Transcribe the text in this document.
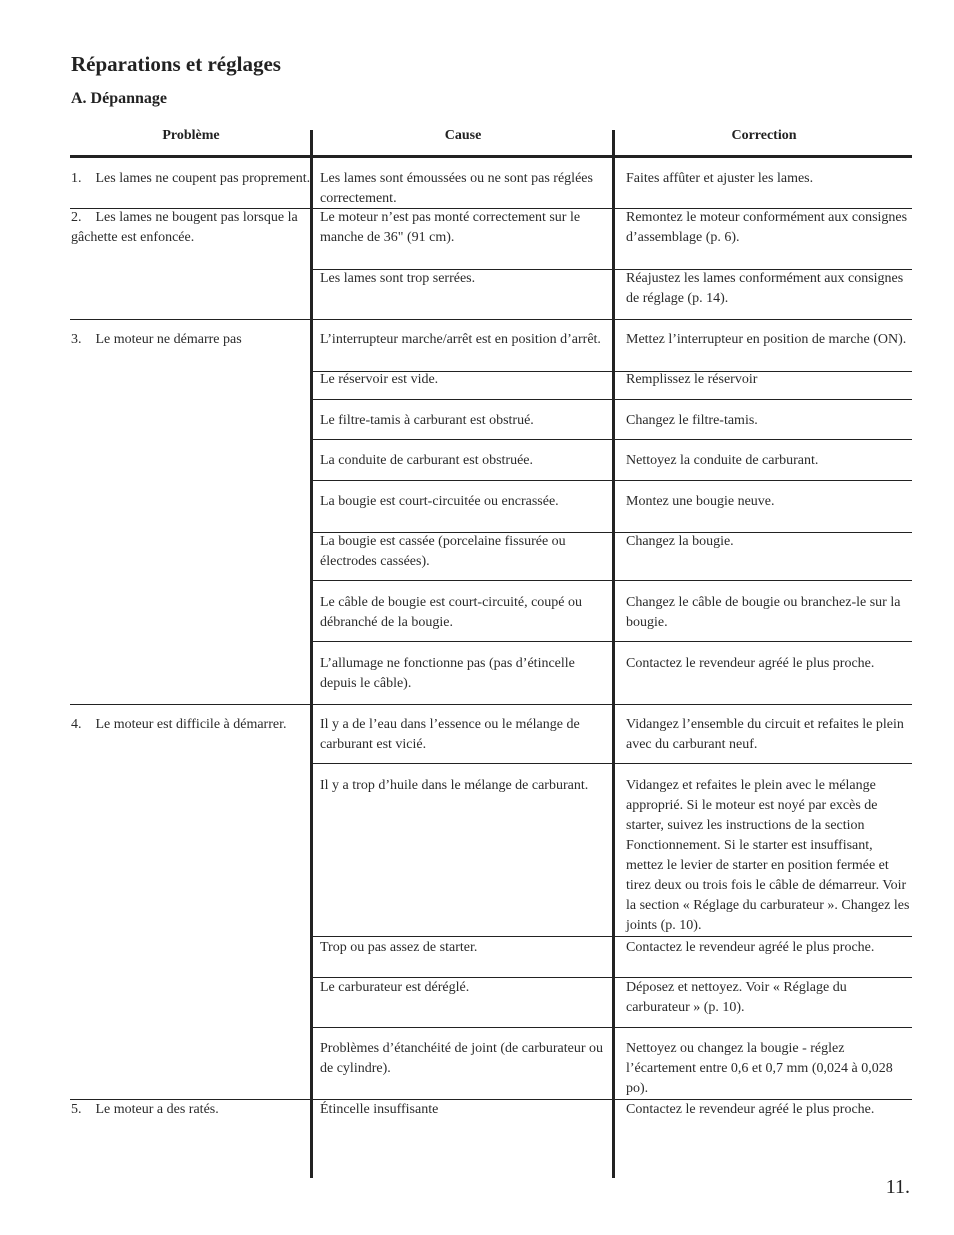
Réparations et réglages
A. Dépannage
Problème	Cause	Correction
1. Les lames ne coupent pas proprement.
2. Les lames ne bougent pas lorsque la gâchette est enfoncée.
3. Le moteur ne démarre pas
4. Le moteur est difficile à démarrer.
5. Le moteur a des ratés.
Les lames sont émoussées ou ne sont pas réglées correctement.
Le moteur n’est pas monté correctement sur le manche de 36" (91 cm).
Les lames sont trop serrées.
L’interrupteur marche/arrêt est en position d’arrêt.
Le réservoir est vide.
Le filtre-tamis à carburant est obstrué.
La conduite de carburant est obstruée.
La bougie est court-circuitée ou encrassée.
La bougie est cassée (porcelaine fissurée ou électrodes cassées).
Le câble de bougie est court-circuité, coupé ou débranché de la bougie.
L’allumage ne fonctionne pas (pas d’étincelle depuis le câble).
Il y a de l’eau dans l’essence ou le mélange de carburant est vicié.
Il y a trop d’huile dans le mélange de carburant.
Trop ou pas assez de starter.
Le carburateur est déréglé.
Problèmes d’étanchéité de joint (de carburateur ou de cylindre).
Étincelle insuffisante
Faites affûter et ajuster les lames.
Remontez le moteur conformément aux consignes d’assemblage (p. 6).
Réajustez les lames conformément aux consignes de réglage (p. 14).
Mettez l’interrupteur en position de marche (ON).
Remplissez le réservoir
Changez le filtre-tamis.
Nettoyez la conduite de carburant.
Montez une bougie neuve.
Changez la bougie.
Changez le câble de bougie ou branchez-le sur la bougie.
Contactez le revendeur agréé le plus proche.
Vidangez l’ensemble du circuit et refaites le plein avec du carburant neuf.
Vidangez et refaites le plein avec le mélange approprié. Si le moteur est noyé par excès de starter, suivez les instructions de la section Fonctionnement. Si le starter est insuffisant, mettez le levier de starter en position fermée et tirez deux ou trois fois le câble de démarreur. Voir la section « Réglage du carburateur ». Changez les joints (p. 10).
Contactez le revendeur agréé le plus proche.
Déposez et nettoyez. Voir « Réglage du carburateur » (p. 10).
Nettoyez ou changez la bougie - réglez l’écartement entre 0,6 et 0,7 mm (0,024 à 0,028 po).
Contactez le revendeur agréé le plus proche.
11.
